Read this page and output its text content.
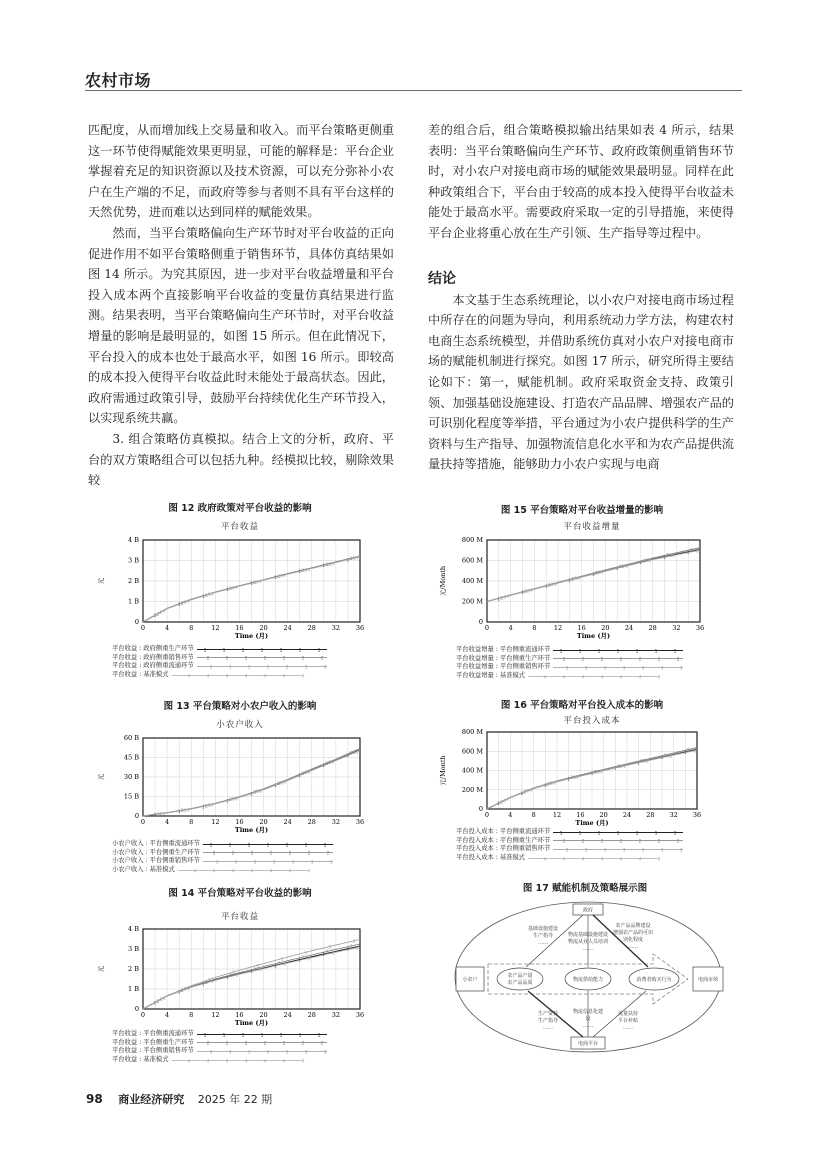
农村市场

匹配度，从而增加线上交易量和收入。而平台策略更侧重这一环节使得赋能效果更明显，可能的解释是：平台企业掌握着充足的知识资源以及技术资源，可以充分弥补小农户在生产端的不足，而政府等参与者则不具有平台这样的天然优势，进而难以达到同样的赋能效果。

然而，当平台策略偏向生产环节时对平台收益的正向促进作用不如平台策略侧重于销售环节，具体仿真结果如图 14 所示。为究其原因，进一步对平台收益增量和平台投入成本两个直接影响平台收益的变量仿真结果进行监测。结果表明，当平台策略偏向生产环节时，对平台收益增量的影响是最明显的，如图 15 所示。但在此情况下，平台投入的成本也处于最高水平，如图 16 所示。即较高的成本投入使得平台收益此时未能处于最高状态。因此，政府需通过政策引导，鼓励平台持续优化生产环节投入，以实现系统共赢。

3. 组合策略仿真模拟。结合上文的分析，政府、平台的双方策略组合可以包括九种。经模拟比较，剔除效果较

差的组合后，组合策略模拟输出结果如表 4 所示，结果表明：当平台策略偏向生产环节、政府政策侧重销售环节时，对小农户对接电商市场的赋能效果最明显。同样在此种政策组合下，平台由于较高的成本投入使得平台收益未能处于最高水平。需要政府采取一定的引导措施，来使得平台企业将重心放在生产引领、生产指导等过程中。

结论

本文基于生态系统理论，以小农户对接电商市场过程中所存在的问题为导向，利用系统动力学方法，构建农村电商生态系统模型，并借助系统仿真对小农户对接电商市场的赋能机制进行探究。如图 17 所示，研究所得主要结论如下：第一，赋能机制。政府采取资金支持、政策引领、加强基础设施建设、打造农产品品牌、增强农产品的可识别化程度等举措，平台通过为小农户提供科学的生产资料与生产指导、加强物流信息化水平和为农产品提供流量扶持等措施，能够助力小农户实现与电商

图 12 政府政策对平台收益的影响
平台收益
0	4	8	12 16 20 24 28 32 36
0
1 B
2 B
3 B
4 B
Time (月)
元
1
1
1
1
1
1
1
1
1
2
2
2
2
2
2
2
2
2
3
3
3
3
3
3
3
3
3
4
4
4
4
4
4
4
4
4
平台收益 : 政府侧重生产环节 1	1	1	1	1	1	1
平台收益 : 政府侧重销售环节	2	2	2	2	2	2	2
平台收益 : 政府侧重流通环节	3	3	3	3	3	3	3
平台收益 : 基准模式	4	4	4	4	4	4	4
图 13 平台策略对小农户收入的影响
小农户收入
0	4	8	12 16 20 24 28 32 36
0
15 B
30 B
45 B
60 B
Time (月)
元
1
1
1
1
1
1
1
1
1
2
2
2
2
2
2
2
2
2
3
3
3
3
3
3
3
3
3
4
4
4
4
4
4
4
4
4
小农户收入 : 平台侧重流通环节 1	1	1	1	1	1	1
小农户收入 : 平台侧重生产环节	2	2	2	2	2	2	2
小农户收入 : 平台侧重销售环节	3	3	3	3	3	3	3
小农户收入 : 基准模式	4	4	4	4	4	4	4
图 14 平台策略对平台收益的影响
平台收益
0	4	8	12 16 20 24 28 32 36
0
1 B
2 B
3 B
4 B
Time (月)
元
1
1
1
1
1
1
1
1
1
2
2
2
2
2
2
2
2
2
3
3
3
3
3
3
3
3
3
4
4
4
4
4
4
4
4
4
平台收益 : 平台侧重流通环节 1	1	1	1	1	1	1
平台收益 : 平台侧重生产环节	2	2	2	2	2	2	2
平台收益 : 平台侧重销售环节	3	3	3	3	3	3	3
平台收益 : 基准模式	4	4	4	4	4	4	4
图 15 平台策略对平台收益增量的影响
平台收益增量
0	4	8	12 16 20 24 28 32 36
0
200 M
400 M
600 M
800 M
Time (月)
元/Month
1
1
1
1
1
1
1
1
1
2
2
2
2
2
2
2
2
2
3
3
3
3
3
3
3
3
3
4
4
4
4
4
4
4
4
4
平台收益增量 : 平台侧重流通环节 1	1	1	1	1	1	1
平台收益增量 : 平台侧重生产环节	2	2	2	2	2	2	2
平台收益增量 : 平台侧重销售环节	3	3	3	3	3	3	3
平台收益增量 : 基准模式	4	4	4	4	4	4	4
图 16 平台策略对平台投入成本的影响
平台投入成本
0	4	8	12 16 20 24 28 32 36
0
200 M
400 M
600 M
800 M
Time (月)
元/Month
1
1
1
1
1
1
1
1
1
2
2
2
2
2
2
2
2
2
3
3
3
3
3
3
3
3
3
4
4
4
4
4
4
4
4
4
平台投入成本 : 平台侧重流通环节 1	1	1	1	1	1	1
平台投入成本 : 平台侧重生产环节	2	2	2	2	2	2	2
平台投入成本 : 平台侧重销售环节	3	3	3	3	3	3	3
平台投入成本 : 基准模式	4	4	4	4	4	4	4
图 17 赋能机制及策略展示图
政府
小农户	电商市场
电商平台
农产品产量
农产品品质	物流供给能力	消费者购买行为
基础设施建设
生产指导
……
物流基础设施建设
物流从业人员培训
……
农产品品牌建设
增强农产品的可识
别化程度
……
生产资料
生产指导
……
物流信息化建
设
……
流量扶持
平台补贴
……
98 商业经济研究 2025 年 22 期
